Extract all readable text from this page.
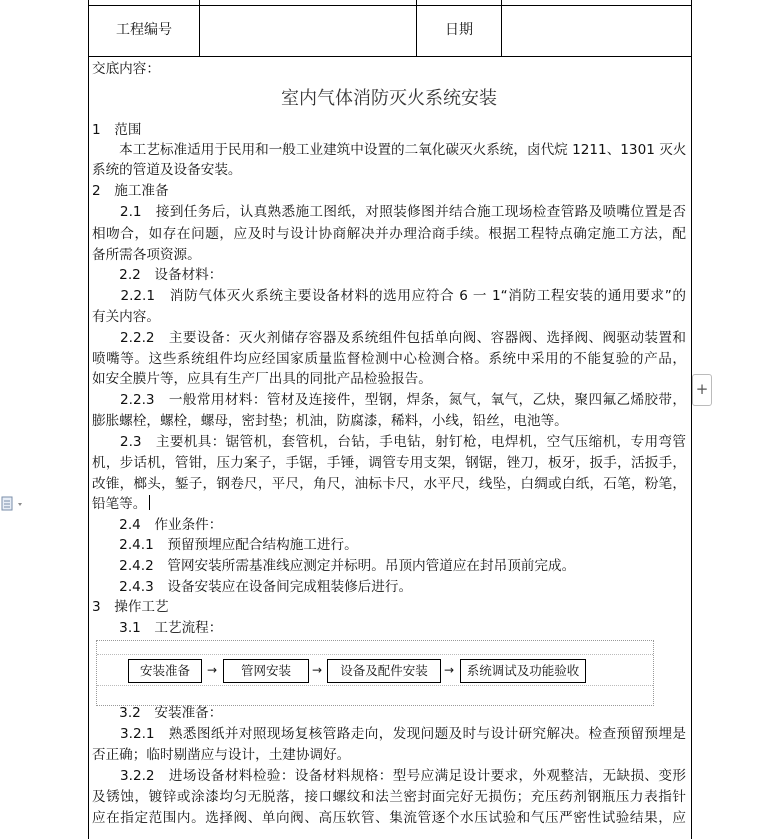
工程编号	日期
交底内容：
室内气体消防灭火系统安装
1　范围
　　本工艺标准适用于民用和一般工业建筑中设置的二氧化碳灭火系统，卤代烷 1211、1301 灭火
系统的管道及设备安装。
2　施工准备
　　2.1　接到任务后，认真熟悉施工图纸，对照装修图并结合施工现场检查管路及喷嘴位置是否
相吻合，如存在问题，应及时与设计协商解决并办理洽商手续。根据工程特点确定施工方法，配
备所需各项资源。
　　2.2　设备材料：
　　2.2.1　消防气体灭火系统主要设备材料的选用应符合 6 一 1“消防工程安装的通用要求”的
有关内容。
　　2.2.2　主要设备：灭火剂储存容器及系统组件包括单向阀、容器阀、选择阀、阀驱动装置和
喷嘴等。这些系统组件均应经国家质量监督检测中心检测合格。系统中采用的不能复验的产品，
如安全膜片等，应具有生产厂出具的同批产品检验报告。
　　2.2.3　一般常用材料：管材及连接件，型钢，焊条，氮气，氧气，乙炔，聚四氟乙烯胶带，
膨胀螺栓，螺栓，螺母，密封垫；机油，防腐漆，稀料，小线，铅丝，电池等。
　　2.3　主要机具：锯管机，套管机，台钻，手电钻，射钉枪，电焊机，空气压缩机，专用弯管
机，步话机，管钳，压力案子，手锯，手锤，调管专用支架，钢锯，锉刀，板牙，扳手，活扳手，
改锥，榔头，錾子，钢卷尺，平尺，角尺，油标卡尺，水平尺，线坠，白绸或白纸，石笔，粉笔，
铅笔等。
　　2.4　作业条件：
　　2.4.1　预留预埋应配合结构施工进行。
　　2.4.2　管网安装所需基准线应测定并标明。吊顶内管道应在封吊顶前完成。
　　2.4.3　设备安装应在设备间完成粗装修后进行。
3　操作工艺
　　3.1　工艺流程：
安装准备	→	管网安装	→	设备及配件安装	→	系统调试及功能验收
　　3.2　安装准备：
　　3.2.1　熟悉图纸并对照现场复核管路走向，发现问题及时与设计研究解决。检查预留预埋是
否正确；临时剔凿应与设计，土建协调好。
　　3.2.2　进场设备材料检验：设备材料规格：型号应满足设计要求，外观整洁，无缺损、变形
及锈蚀，镀锌或涂漆均匀无脱落，接口螺纹和法兰密封面完好无损伤；充压药剂钢瓶压力表指针
应在指定范围内。选择阀、单向阀、高压软管、集流管逐个水压试验和气压严密性试验结果，应
+
